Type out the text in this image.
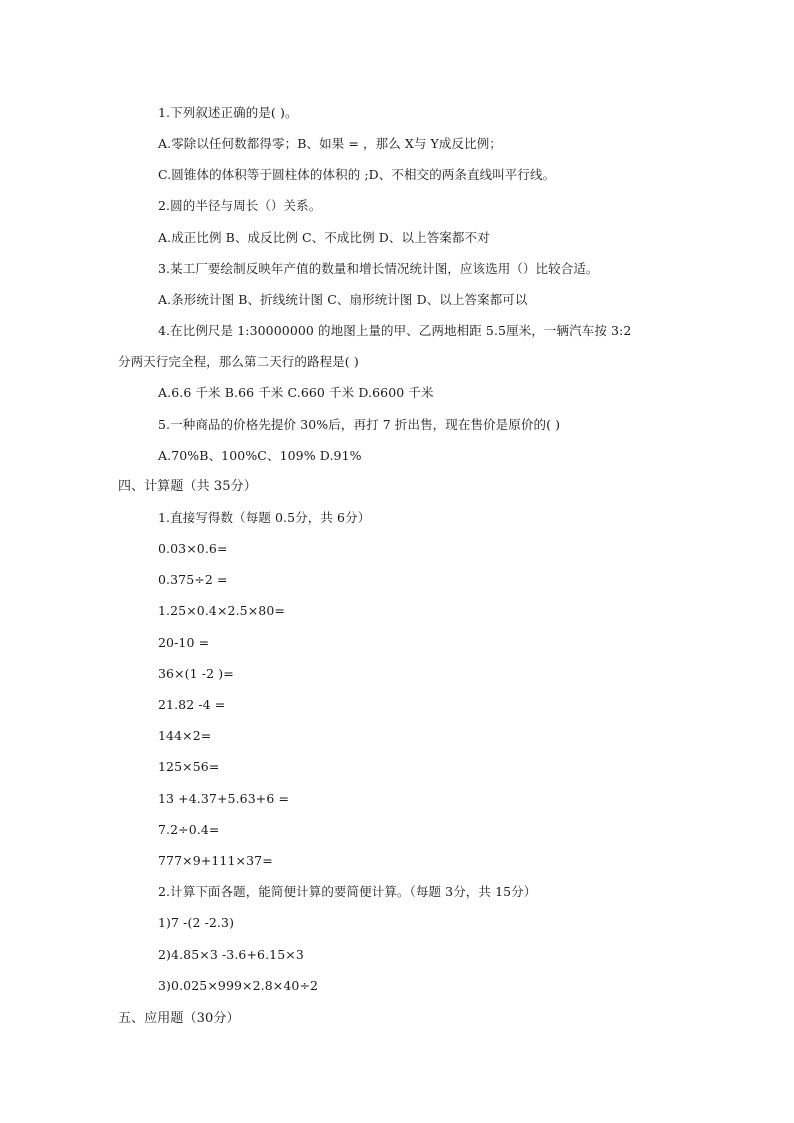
1.下列叙述正确的是( )。
A.零除以任何数都得零；B、如果 = ，那么 X与 Y成反比例；
C.圆锥体的体积等于圆柱体的体积的 ;D、不相交的两条直线叫平行线。
2.圆的半径与周长（）关系。
A.成正比例 B、成反比例 C、不成比例 D、以上答案都不对
3.某工厂要绘制反映年产值的数量和增长情况统计图，应该选用（）比较合适。
A.条形统计图 B、折线统计图 C、扇形统计图 D、以上答案都可以
4.在比例尺是 1:30000000 的地图上量的甲、乙两地相距 5.5厘米，一辆汽车按 3:2
分两天行完全程，那么第二天行的路程是( )
A.6.6 千米 B.66 千米 C.660 千米 D.6600 千米
5.一种商品的价格先提价 30%后，再打 7 折出售，现在售价是原价的( )
A.70%B、100%C、109% D.91%
四、计算题（共 35分）
1.直接写得数（每题 0.5分，共 6分）
0.03×0.6=
0.375÷2 =
1.25×0.4×2.5×80=
20-10 =
36×(1 -2 )=
21.82 -4 =
144×2=
125×56=
13 +4.37+5.63+6 =
7.2÷0.4=
777×9+111×37=
2.计算下面各题，能简便计算的要简便计算。（每题 3分，共 15分）
1)7 -(2 -2.3)
2)4.85×3 -3.6+6.15×3
3)0.025×999×2.8×40÷2
五、应用题（30分）
